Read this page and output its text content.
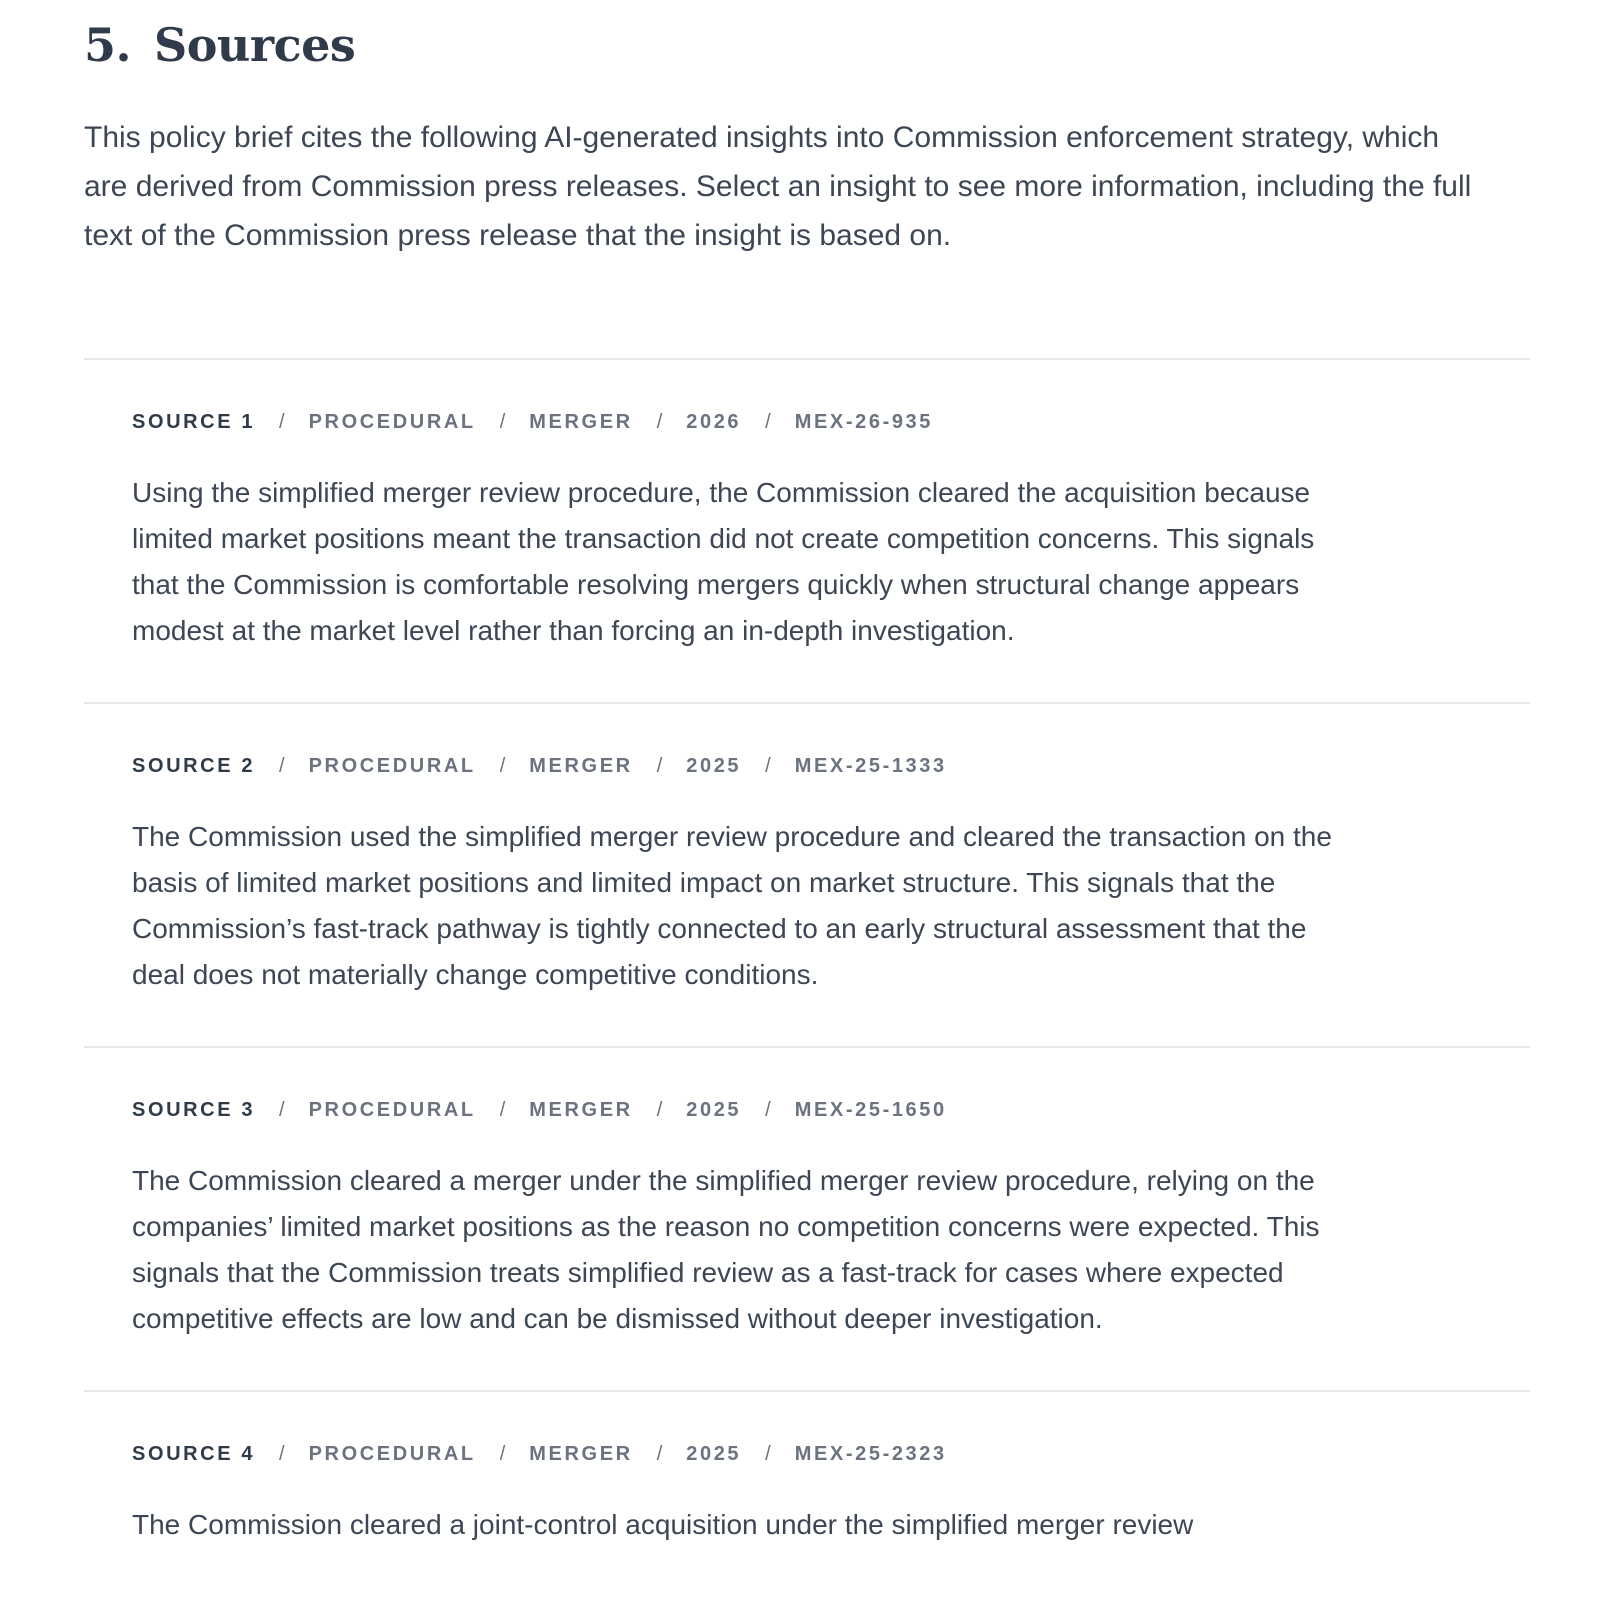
5. Sources

This policy brief cites the following AI-generated insights into Commission enforcement strategy, which are derived from Commission press releases. Select an insight to see more information, including the full text of the Commission press release that the insight is based on.

SOURCE 1 / PROCEDURAL / MERGER / 2026 / MEX-26-935

Using the simplified merger review procedure, the Commission cleared the acquisition because limited market positions meant the transaction did not create competition concerns. This signals that the Commission is comfortable resolving mergers quickly when structural change appears modest at the market level rather than forcing an in-depth investigation.

SOURCE 2 / PROCEDURAL / MERGER / 2025 / MEX-25-1333

The Commission used the simplified merger review procedure and cleared the transaction on the basis of limited market positions and limited impact on market structure. This signals that the Commission’s fast-track pathway is tightly connected to an early structural assessment that the deal does not materially change competitive conditions.

SOURCE 3 / PROCEDURAL / MERGER / 2025 / MEX-25-1650

The Commission cleared a merger under the simplified merger review procedure, relying on the companies’ limited market positions as the reason no competition concerns were expected. This signals that the Commission treats simplified review as a fast-track for cases where expected competitive effects are low and can be dismissed without deeper investigation.

SOURCE 4 / PROCEDURAL / MERGER / 2025 / MEX-25-2323

The Commission cleared a joint-control acquisition under the simplified merger review
